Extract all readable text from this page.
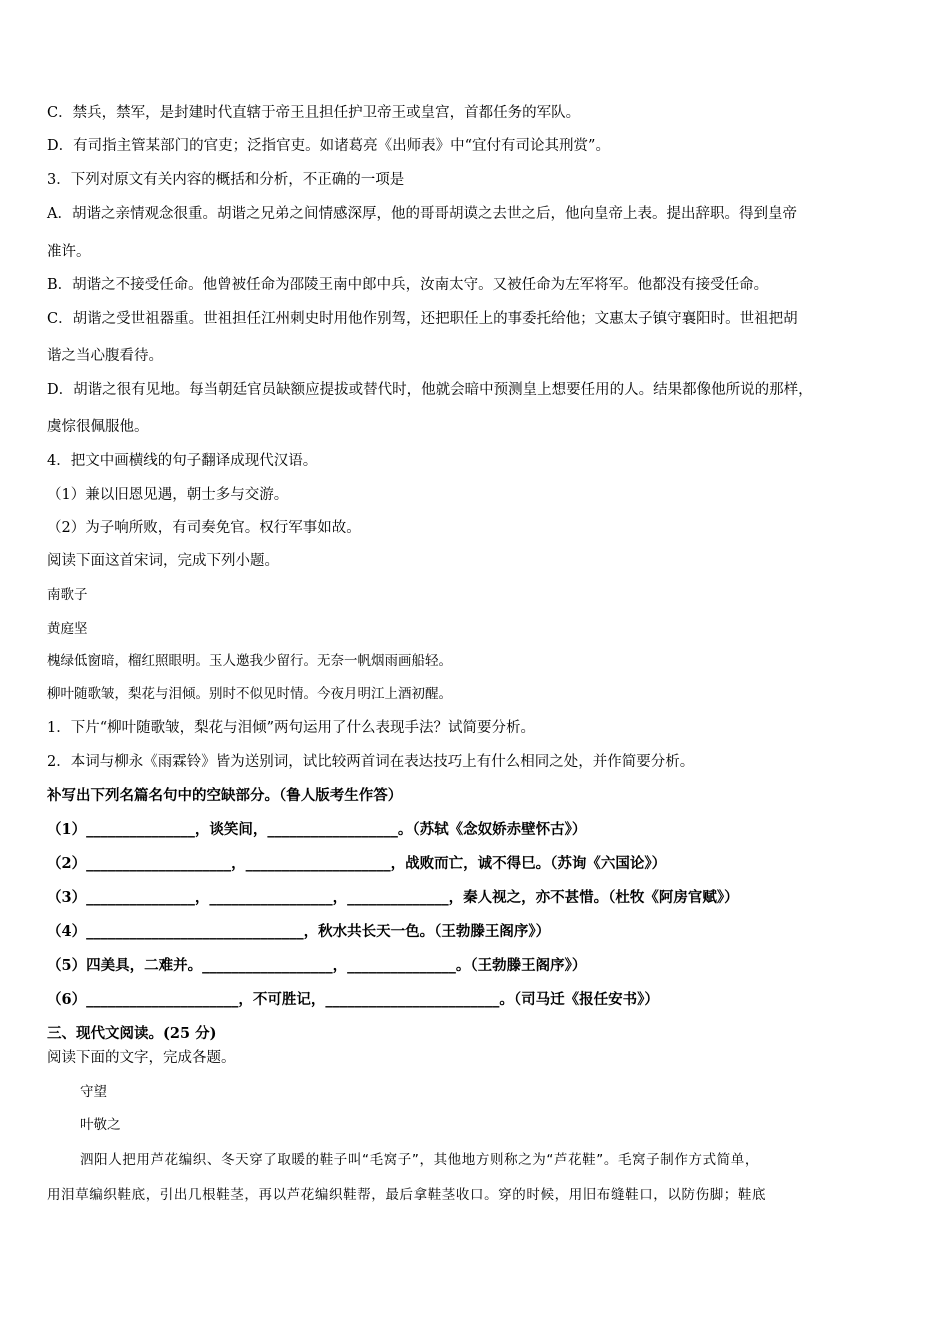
C．禁兵，禁军，是封建时代直辖于帝王且担任护卫帝王或皇宫，首都任务的军队。
D．有司指主管某部门的官吏；泛指官吏。如诸葛亮《出师表》中“宜付有司论其刑赏”。
3．下列对原文有关内容的概括和分析，不正确的一项是
A．胡谐之亲情观念很重。胡谐之兄弟之间情感深厚，他的哥哥胡谟之去世之后，他向皇帝上表。提出辞职。得到皇帝
准许。
B．胡谐之不接受任命。他曾被任命为邵陵王南中郎中兵，汝南太守。又被任命为左军将军。他都没有接受任命。
C．胡谐之受世祖器重。世祖担任江州刺史时用他作别驾，还把职任上的事委托给他；文惠太子镇守襄阳时。世祖把胡
谐之当心腹看待。
D．胡谐之很有见地。每当朝廷官员缺额应提拔或替代时，他就会暗中预测皇上想要任用的人。结果都像他所说的那样，
虞悰很佩服他。
4．把文中画横线的句子翻译成现代汉语。
（1）兼以旧恩见遇，朝士多与交游。
（2）为子响所败，有司奏免官。权行军事如故。
阅读下面这首宋词，完成下列小题。
南歌子
黄庭坚
槐绿低窗暗，榴红照眼明。玉人邀我少留行。无奈一帆烟雨画船轻。
柳叶随歌皱，梨花与泪倾。别时不似见时情。今夜月明江上酒初醒。
1．下片“柳叶随歌皱，梨花与泪倾”两句运用了什么表现手法？试简要分析。
2．本词与柳永《雨霖铃》皆为送别词，试比较两首词在表达技巧上有什么相同之处，并作简要分析。
补写出下列名篇名句中的空缺部分。（鲁人版考生作答）
（1）_______________，谈笑间，__________________。（苏轼《念奴娇赤壁怀古》）
（2）____________________，____________________，战败而亡，诚不得巳。（苏询《六国论》）
（3）_______________，_________________，______________，秦人视之，亦不甚惜。（杜牧《阿房官赋》）
（4）______________________________，秋水共长天一色。（王勃滕王阁序》）
（5）四美具，二难并。__________________，_______________。（王勃滕王阁序》）
（6）_____________________，不可胜记，________________________。（司马迁《报任安书》）
三、现代文阅读。(25 分)
阅读下面的文字，完成各题。
守望
叶敬之
泗阳人把用芦花编织、冬天穿了取暖的鞋子叫“毛窝子”，其他地方则称之为“芦花鞋”。毛窝子制作方式简单，
用泪草编织鞋底，引出几根鞋茎，再以芦花编织鞋帮，最后拿鞋茎收口。穿的时候，用旧布缝鞋口，以防伤脚；鞋底
